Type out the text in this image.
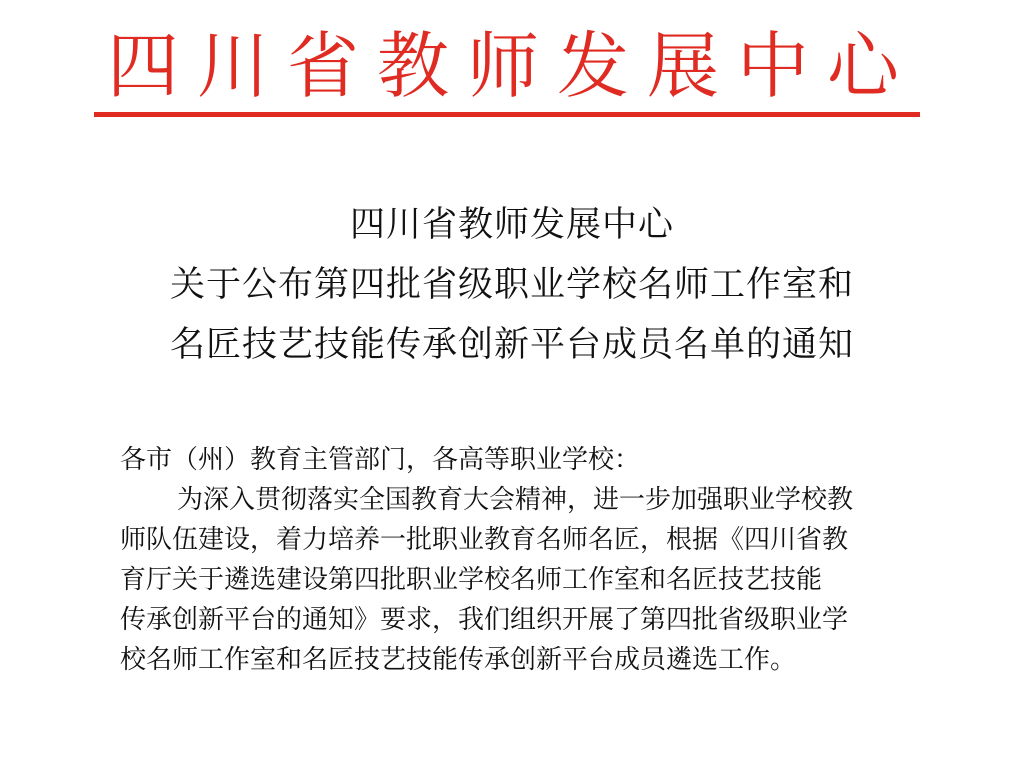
四川省教师发展中心
四川省教师发展中心
关于公布第四批省级职业学校名师工作室和
名匠技艺技能传承创新平台成员名单的通知

各市（州）教育主管部门，各高等职业学校：

为深入贯彻落实全国教育大会精神，进一步加强职业学校教

师队伍建设，着力培养一批职业教育名师名匠，根据《四川省教

育厅关于遴选建设第四批职业学校名师工作室和名匠技艺技能

传承创新平台的通知》要求，我们组织开展了第四批省级职业学

校名师工作室和名匠技艺技能传承创新平台成员遴选工作。
